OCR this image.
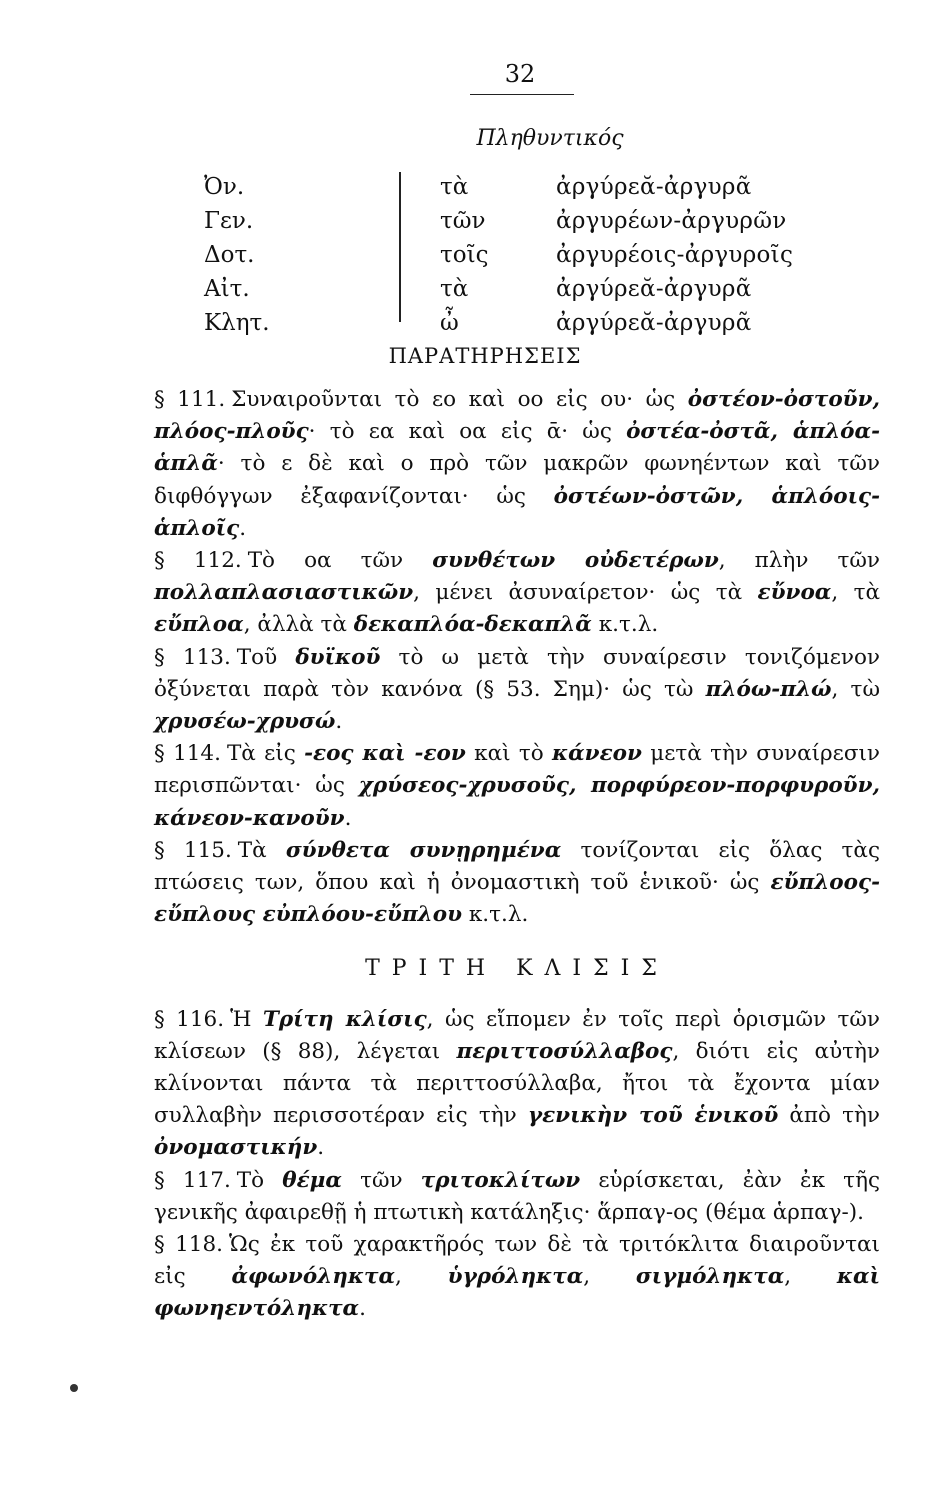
32
Πληθυντικός
Ὀν.
Γεν.
Δοτ.
Αἰτ.
Κλητ.
τὰ
τῶν
τοῖς
τὰ
ὦ
ἀργύρεᾰ-ἀργυρᾶ
ἀργυρέων-ἀργυρῶν
ἀργυρέοις-ἀργυροῖς
ἀργύρεᾰ-ἀργυρᾶ
ἀργύρεᾰ-ἀργυρᾶ
ΠΑΡΑΤΗΡΗΣΕΙΣ

§ 111. Συναιροῦνται τὸ εο καὶ οο εἰς ου· ὡς ὀστέον-ὀστοῦν, πλόος-πλοῦς· τὸ εα καὶ οα εἰς ᾱ· ὡς ὀστέα-ὀστᾶ, ἁπλόα-ἁπλᾶ· τὸ ε δὲ καὶ ο πρὸ τῶν μακρῶν φωνηέντων καὶ τῶν διφθόγγων ἐξαφανίζονται· ὡς ὀστέων-ὀστῶν, ἁπλόοις-ἁπλοῖς.

§ 112. Τὸ οα τῶν συνθέτων οὐδετέρων, πλὴν τῶν πολλαπλασιαστικῶν, μένει ἀσυναίρετον· ὡς τὰ εὔνοα, τὰ εὔπλοα, ἀλλὰ τὰ δεκαπλόα-δεκαπλᾶ κ.τ.λ.

§ 113. Τοῦ δυϊκοῦ τὸ ω μετὰ τὴν συναίρεσιν τονιζόμενον ὀξύνεται παρὰ τὸν κανόνα (§ 53. Σημ)· ὡς τὼ πλόω-πλώ, τὼ χρυσέω-χρυσώ.

§ 114. Τὰ εἰς -εος καὶ -εον καὶ τὸ κάνεον μετὰ τὴν συναίρεσιν περισπῶνται· ὡς χρύσεος-χρυσοῦς, πορφύρεον-πορφυροῦν, κάνεον-κανοῦν.

§ 115. Τὰ σύνθετα συνῃρημένα τονίζονται εἰς ὅλας τὰς πτώσεις των, ὅπου καὶ ἡ ὀνομαστικὴ τοῦ ἑνικοῦ· ὡς εὔπλοος-εὔπλους εὐπλόου-εὔπλου κ.τ.λ.

ΤΡΙΤΗ ΚΛΙΣΙΣ

§ 116. Ἡ Τρίτη κλίσις, ὡς εἴπομεν ἐν τοῖς περὶ ὁρισμῶν τῶν κλίσεων (§ 88), λέγεται περιττοσύλλαβος, διότι εἰς αὐτὴν κλίνονται πάντα τὰ περιττοσύλλαβα, ἤτοι τὰ ἔχοντα μίαν συλλαβὴν περισσοτέραν εἰς τὴν γενικὴν τοῦ ἑνικοῦ ἀπὸ τὴν ὀνομαστικήν.

§ 117. Τὸ θέμα τῶν τριτοκλίτων εὑρίσκεται, ἐὰν ἐκ τῆς γενικῆς ἀφαιρεθῇ ἡ πτωτικὴ κατάληξις· ἅρπαγ-ος (θέμα ἁρπαγ-).

§ 118. Ὡς ἐκ τοῦ χαρακτῆρός των δὲ τὰ τριτόκλιτα διαιροῦνται εἰς ἀφωνόληκτα, ὑγρόληκτα, σιγμόληκτα, καὶ φωνηεντόληκτα.
